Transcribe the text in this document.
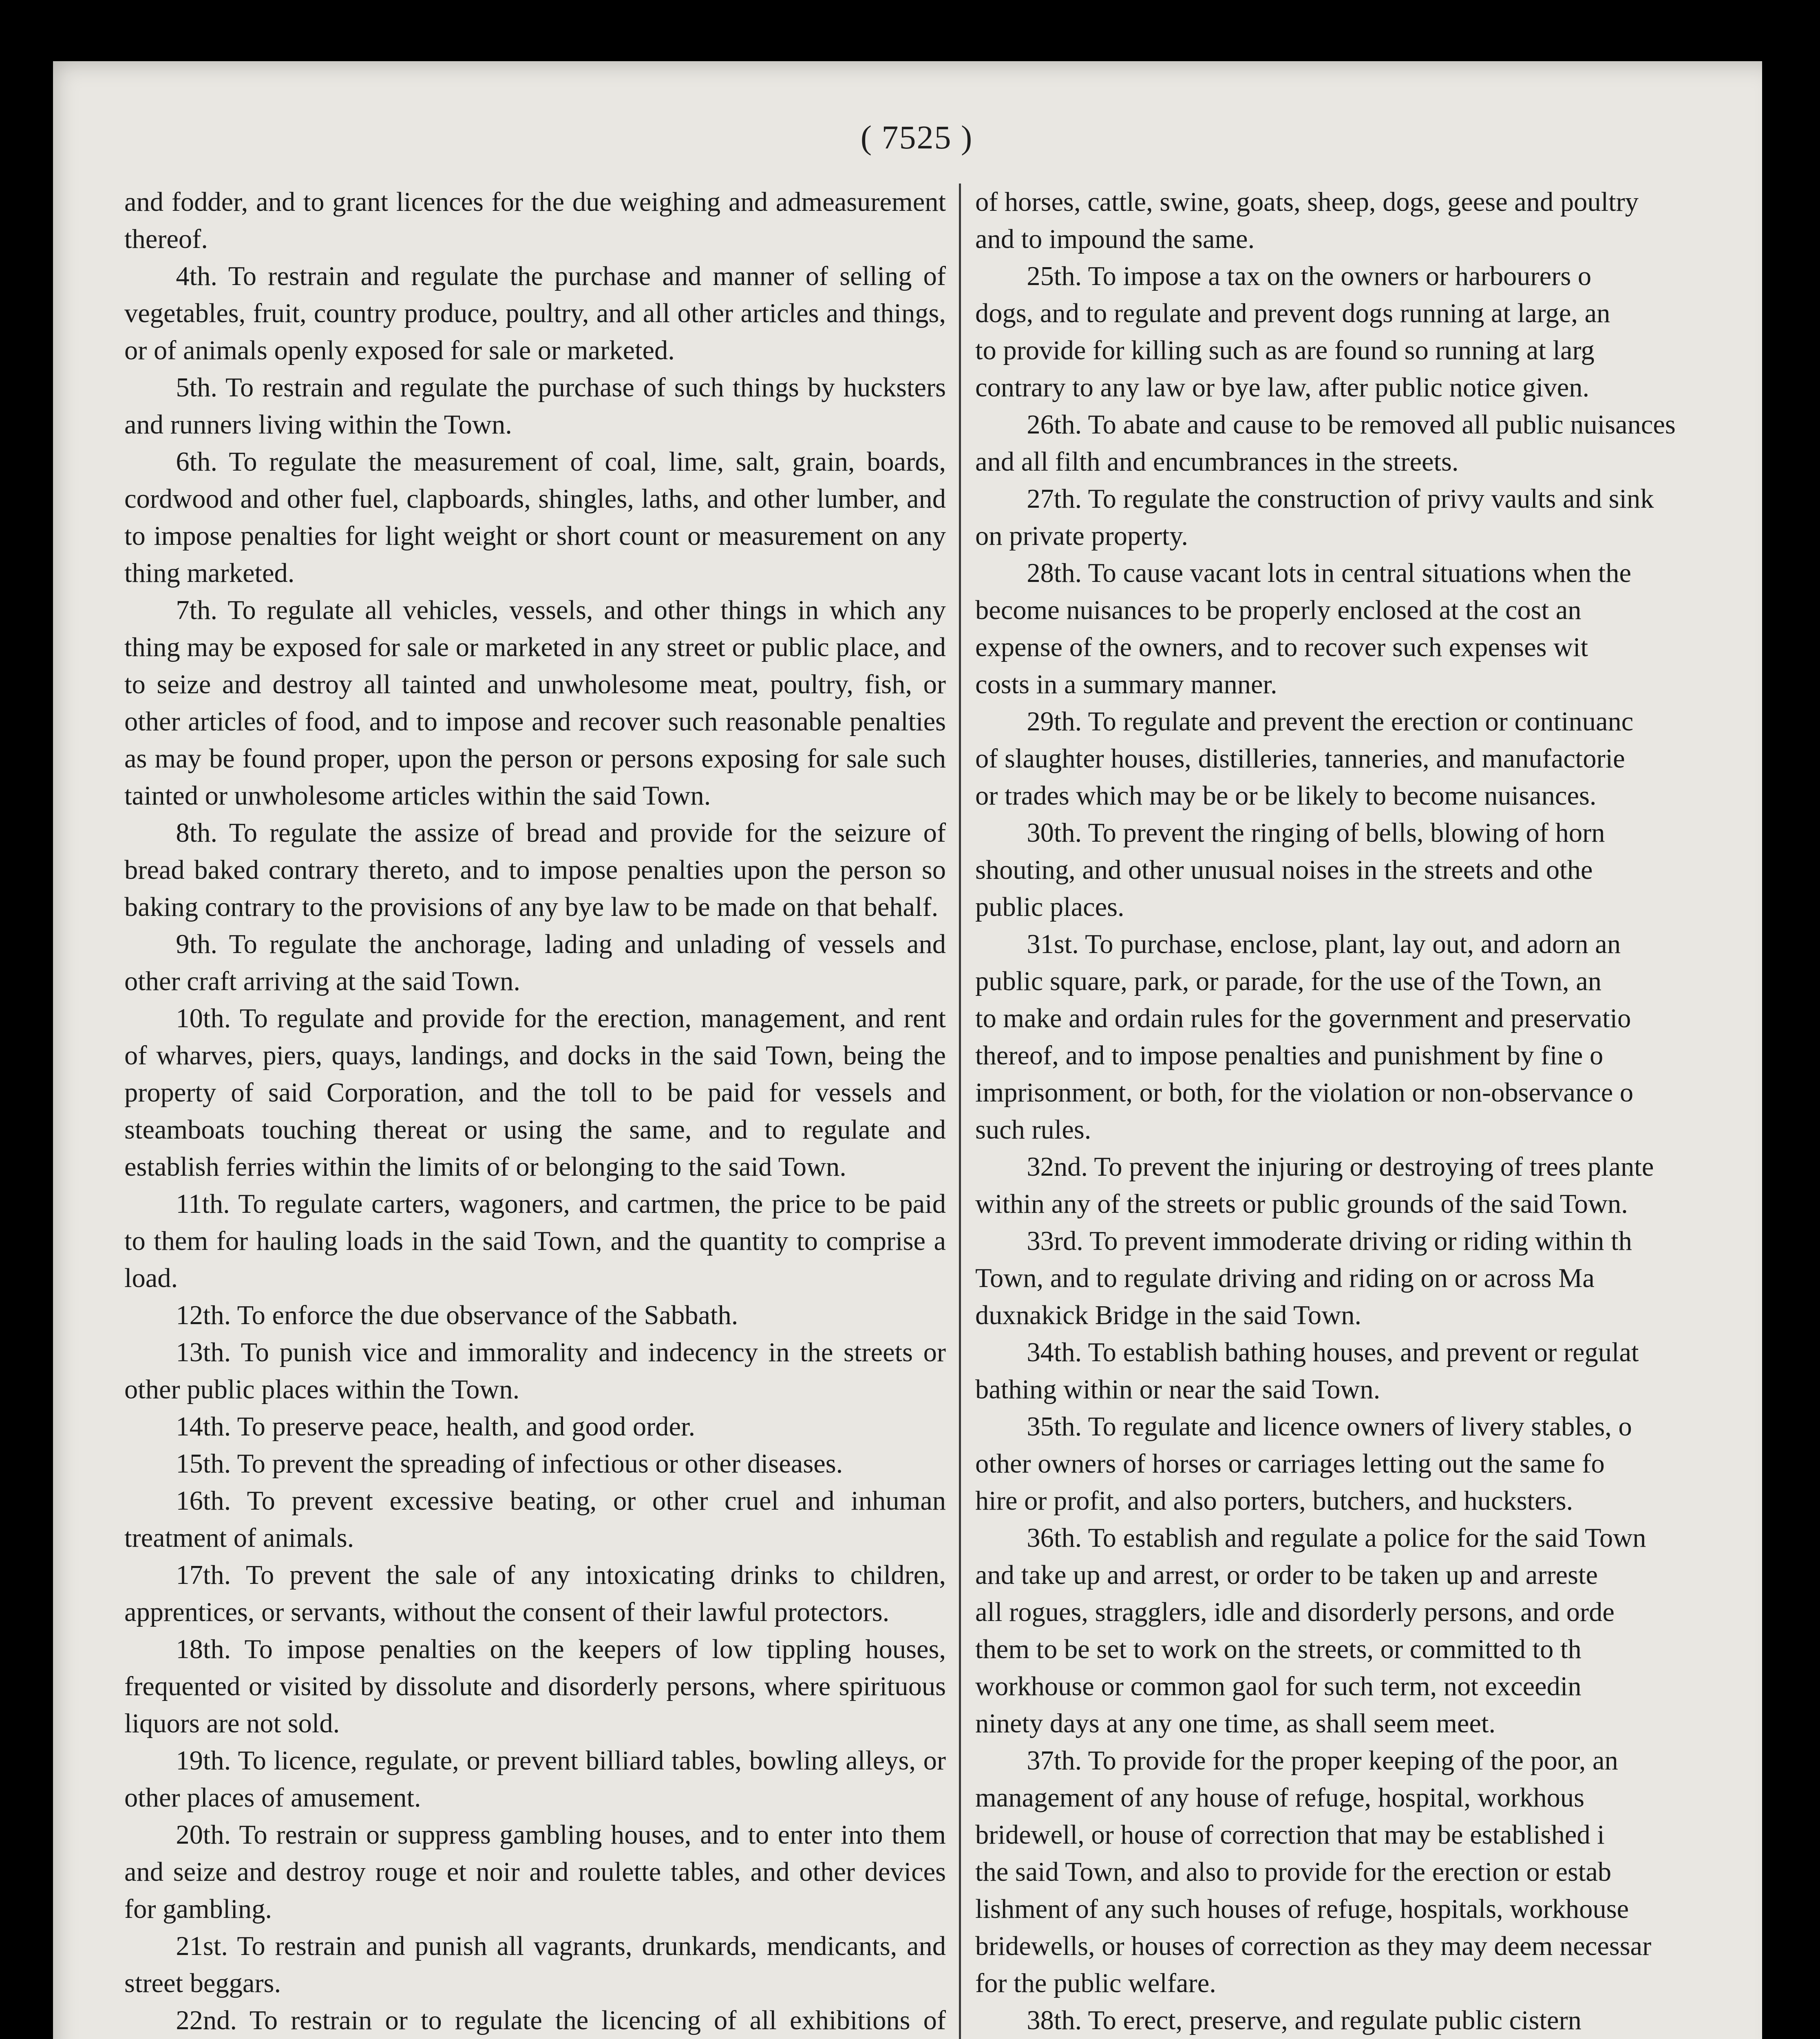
( 7525 )

and fodder, and to grant licences for the due weighing and admeasurement thereof.

4th. To restrain and regulate the purchase and manner of selling of vegetables, fruit, country produce, poultry, and all other articles and things, or of animals openly exposed for sale or marketed.

5th. To restrain and regulate the purchase of such things by hucksters and runners living within the Town.

6th. To regulate the measurement of coal, lime, salt, grain, boards, cordwood and other fuel, clapboards, shingles, laths, and other lumber, and to impose penalties for light weight or short count or measurement on any thing marketed.

7th. To regulate all vehicles, vessels, and other things in which any thing may be exposed for sale or marketed in any street or public place, and to seize and destroy all tainted and unwholesome meat, poultry, fish, or other articles of food, and to impose and recover such reasonable penalties as may be found proper, upon the person or persons exposing for sale such tainted or unwholesome articles within the said Town.

8th. To regulate the assize of bread and provide for the seizure of bread baked contrary thereto, and to impose penalties upon the person so baking contrary to the provisions of any bye law to be made on that behalf.

9th. To regulate the anchorage, lading and unlading of vessels and other craft arriving at the said Town.

10th. To regulate and provide for the erection, management, and rent of wharves, piers, quays, landings, and docks in the said Town, being the property of said Corporation, and the toll to be paid for vessels and steamboats touching thereat or using the same, and to regulate and establish ferries within the limits of or belonging to the said Town.

11th. To regulate carters, wagoners, and cartmen, the price to be paid to them for hauling loads in the said Town, and the quantity to comprise a load.

12th. To enforce the due observance of the Sabbath.

13th. To punish vice and immorality and indecency in the streets or other public places within the Town.

14th. To preserve peace, health, and good order.

15th. To prevent the spreading of infectious or other diseases.

16th. To prevent excessive beating, or other cruel and inhuman treatment of animals.

17th. To prevent the sale of any intoxicating drinks to children, apprentices, or servants, without the consent of their lawful protectors.

18th. To impose penalties on the keepers of low tippling houses, frequented or visited by dissolute and disorderly persons, where spirituous liquors are not sold.

19th. To licence, regulate, or prevent billiard tables, bowling alleys, or other places of amusement.

20th. To restrain or suppress gambling houses, and to enter into them and seize and destroy rouge et noir and roulette tables, and other devices for gambling.

21st. To restrain and punish all vagrants, drunkards, mendicants, and street beggars.

22nd. To restrain or to regulate the licencing of all exhibitions of

of horses, cattle, swine, goats, sheep, dogs, geese and poultry
and to impound the same.
25th. To impose a tax on the owners or harbourers o
dogs, and to regulate and prevent dogs running at large, an
to provide for killing such as are found so running at larg
contrary to any law or bye law, after public notice given.
26th. To abate and cause to be removed all public nuisances
and all filth and encumbrances in the streets.
27th. To regulate the construction of privy vaults and sink
on private property.
28th. To cause vacant lots in central situations when the
become nuisances to be properly enclosed at the cost an
expense of the owners, and to recover such expenses wit
costs in a summary manner.
29th. To regulate and prevent the erection or continuanc
of slaughter houses, distilleries, tanneries, and manufactorie
or trades which may be or be likely to become nuisances.
30th. To prevent the ringing of bells, blowing of horn
shouting, and other unusual noises in the streets and othe
public places.
31st. To purchase, enclose, plant, lay out, and adorn an
public square, park, or parade, for the use of the Town, an
to make and ordain rules for the government and preservatio
thereof, and to impose penalties and punishment by fine o
imprisonment, or both, for the violation or non-observance o
such rules.
32nd. To prevent the injuring or destroying of trees plante
within any of the streets or public grounds of the said Town.
33rd. To prevent immoderate driving or riding within th
Town, and to regulate driving and riding on or across Ma
duxnakick Bridge in the said Town.
34th. To establish bathing houses, and prevent or regulat
bathing within or near the said Town.
35th. To regulate and licence owners of livery stables, o
other owners of horses or carriages letting out the same fo
hire or profit, and also porters, butchers, and hucksters.
36th. To establish and regulate a police for the said Town
and take up and arrest, or order to be taken up and arreste
all rogues, stragglers, idle and disorderly persons, and orde
them to be set to work on the streets, or committed to th
workhouse or common gaol for such term, not exceedin
ninety days at any one time, as shall seem meet.
37th. To provide for the proper keeping of the poor, an
management of any house of refuge, hospital, workhous
bridewell, or house of correction that may be established i
the said Town, and also to provide for the erection or estab
lishment of any such houses of refuge, hospitals, workhouse
bridewells, or houses of correction as they may deem necessar
for the public welfare.
38th. To erect, preserve, and regulate public cistern
